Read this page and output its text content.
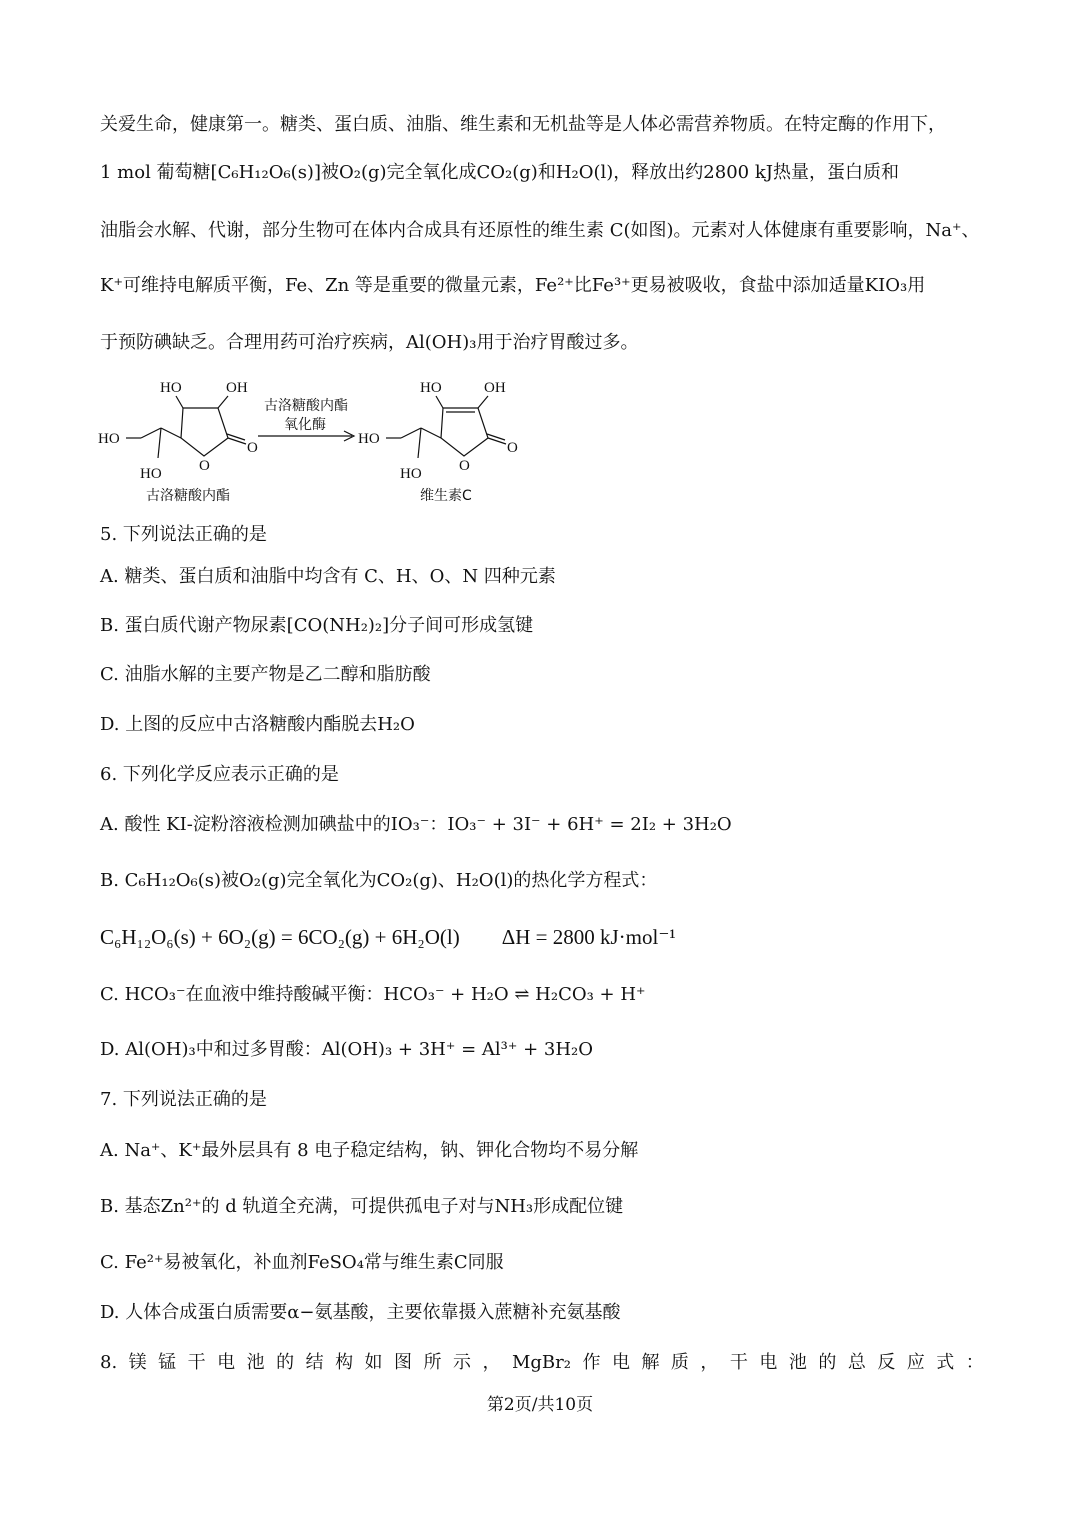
关爱生命，健康第一。糖类、蛋白质、油脂、维生素和无机盐等是人体必需营养物质。在特定酶的作用下，
1 mol 葡萄糖[C₆H₁₂O₆(s)]被O₂(g)完全氧化成CO₂(g)和H₂O(l)，释放出约2800 kJ热量，蛋白质和
油脂会水解、代谢，部分生物可在体内合成具有还原性的维生素 C(如图)。元素对人体健康有重要影响，Na⁺、
K⁺可维持电解质平衡，Fe、Zn 等是重要的微量元素，Fe²⁺比Fe³⁺更易被吸收，食盐中添加适量KIO₃用
于预防碘缺乏。合理用药可治疗疾病，Al(OH)₃用于治疗胃酸过多。
HO	OH
HO
HO O
O
HO	OH
HO
HO O
O
古洛糖酸内酯
氧化酶
古洛糖酸内酯	维生素C
5. 下列说法正确的是
A. 糖类、蛋白质和油脂中均含有 C、H、O、N 四种元素
B. 蛋白质代谢产物尿素[CO(NH₂)₂]分子间可形成氢键
C. 油脂水解的主要产物是乙二醇和脂肪酸
D. 上图的反应中古洛糖酸内酯脱去H₂O
6. 下列化学反应表示正确的是
A. 酸性 KI-淀粉溶液检测加碘盐中的IO₃⁻：IO₃⁻ + 3I⁻ + 6H⁺ = 2I₂ + 3H₂O
B. C₆H₁₂O₆(s)被O₂(g)完全氧化为CO₂(g)、H₂O(l)的热化学方程式：
C₆H₁₂O₆(s) + 6O₂(g) = 6CO₂(g) + 6H₂O(l)　　ΔH = 2800 kJ·mol⁻¹
C. HCO₃⁻在血液中维持酸碱平衡：HCO₃⁻ + H₂O ⇌ H₂CO₃ + H⁺
D. Al(OH)₃中和过多胃酸：Al(OH)₃ + 3H⁺ = Al³⁺ + 3H₂O
7. 下列说法正确的是
A. Na⁺、K⁺最外层具有 8 电子稳定结构，钠、钾化合物均不易分解
B. 基态Zn²⁺的 d 轨道全充满，可提供孤电子对与NH₃形成配位键
C. Fe²⁺易被氧化，补血剂FeSO₄常与维生素C同服
D. 人体合成蛋白质需要α−氨基酸，主要依靠摄入蔗糖补充氨基酸
8. 镁 锰 干 电 池 的 结 构 如 图 所 示 ， MgBr₂ 作 电 解 质 ， 干 电 池 的 总 反 应 式 ：
第2页/共10页
